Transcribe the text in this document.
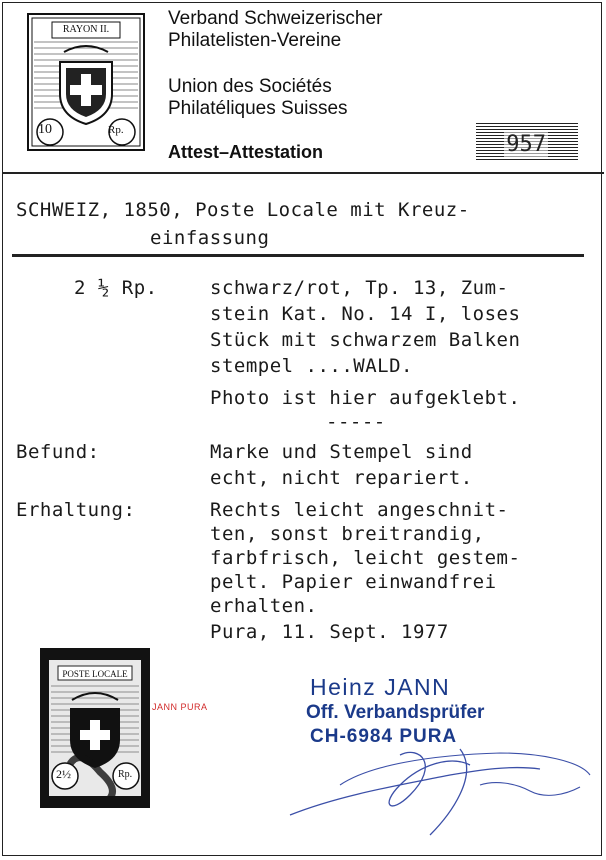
RAYON II.
10	Rp.
Verband Schweizerischer
Philatelisten-Vereine
Union des Sociétés
Philatéliques Suisses
Attest–Attestation	957
SCHWEIZ, 1850, Poste Locale mit Kreuz-
einfassung
2 ½ Rp.	schwarz/rot, Tp. 13, Zum-
stein Kat. No. 14 I, loses
Stück mit schwarzem Balken
stempel ....WALD.
Photo ist hier aufgeklebt.
-----
Befund:	Marke und Stempel sind
echt, nicht repariert.
Erhaltung:	Rechts leicht angeschnit-
ten, sonst breitrandig,
farbfrisch, leicht gestem-
pelt. Papier einwandfrei
erhalten.
Pura, 11. Sept. 1977
POSTE LOCALE
2½	Rp.
JANN PURA
Heinz JANN
Off. Verbandsprüfer
CH-6984 PURA
